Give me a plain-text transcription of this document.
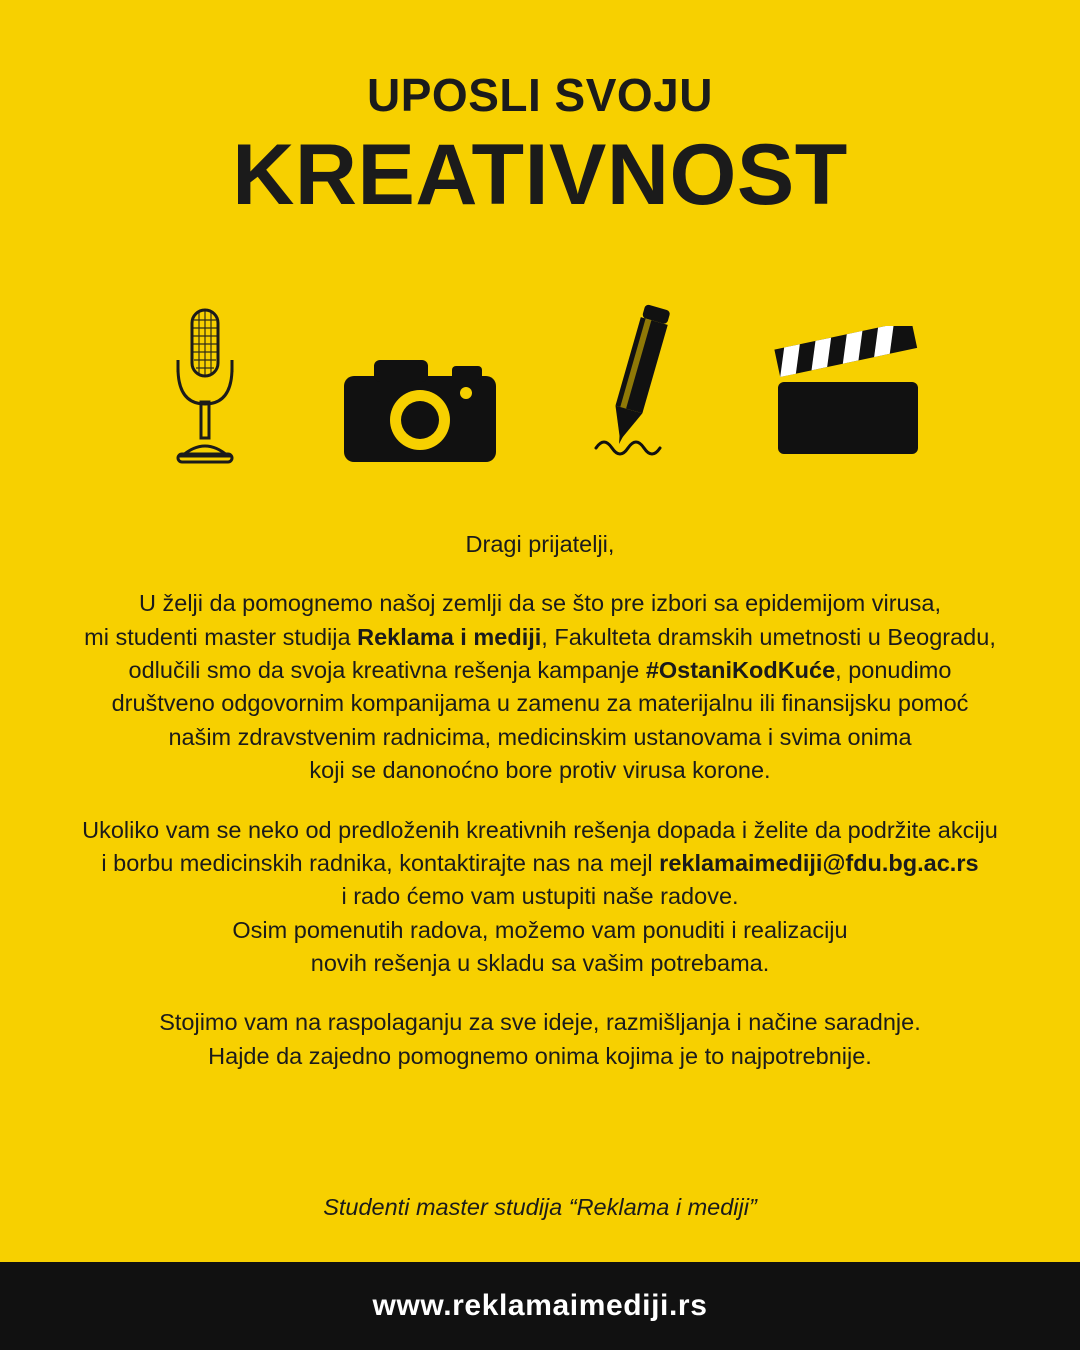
UPOSLI SVOJU
KREATIVNOST

Dragi prijatelji,

U želji da pomognemo našoj zemlji da se što pre izbori sa epidemijom virusa,
mi studenti master studija Reklama i mediji, Fakulteta dramskih umetnosti u Beogradu,
odlučili smo da svoja kreativna rešenja kampanje #OstaniKodKuće, ponudimo
društveno odgovornim kompanijama u zamenu za materijalnu ili finansijsku pomoć
našim zdravstvenim radnicima, medicinskim ustanovama i svima onima
koji se danonoćno bore protiv virusa korone.

Ukoliko vam se neko od predloženih kreativnih rešenja dopada i želite da podržite akciju
i borbu medicinskih radnika, kontaktirajte nas na mejl reklamaimediji@fdu.bg.ac.rs
i rado ćemo vam ustupiti naše radove.
Osim pomenutih radova, možemo vam ponuditi i realizaciju
novih rešenja u skladu sa vašim potrebama.

Stojimo vam na raspolaganju za sve ideje, razmišljanja i načine saradnje.
Hajde da zajedno pomognemo onima kojima je to najpotrebnije.

Studenti master studija “Reklama i mediji”
www.reklamaimediji.rs
